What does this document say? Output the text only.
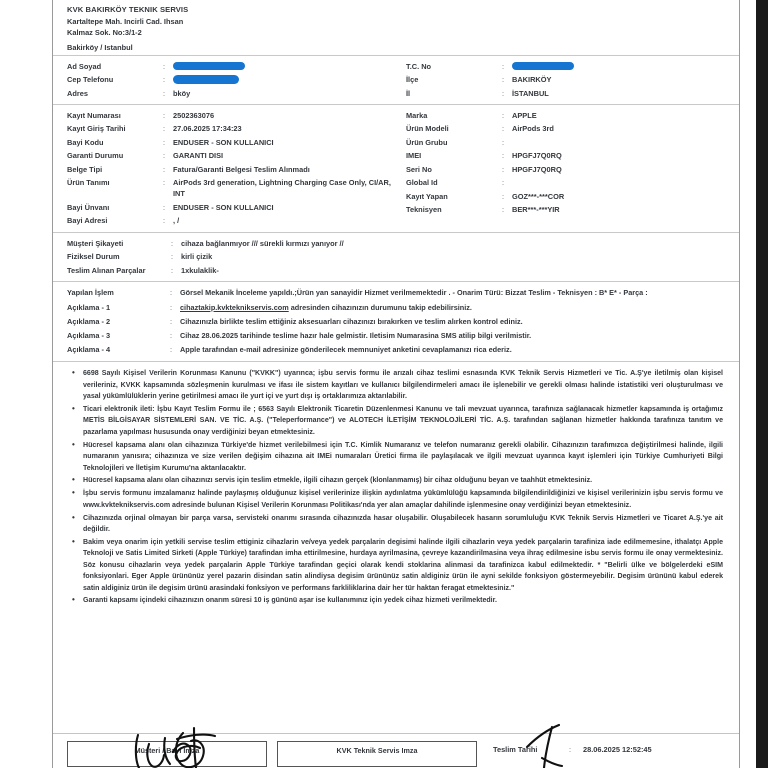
KVK BAKIRKÖY TEKNIK SERVIS
Kartaltepe Mah. Incirli Cad. Ihsan
Kalmaz Sok. No:3/1-2
Bakirköy / Istanbul
Ad Soyad	:
Cep Telefonu	:
Adres	:	bköy
T.C. No	:
İlçe	:	BAKIRKÖY
İl	:	İSTANBUL
Kayıt Numarası	:	2502363076
Kayıt Giriş Tarihi	:	27.06.2025 17:34:23
Bayi Kodu	:	ENDUSER - SON KULLANICI
Garanti Durumu	:	GARANTI DISI
Belge Tipi	:	Fatura/Garanti Belgesi Teslim Alınmadı
Ürün Tanımı	:	AirPods 3rd generation, Lightning Charging Case Only, CI/AR, INT
Bayi Ünvanı	:	ENDUSER - SON KULLANICI
Bayi Adresi	:	, /
Marka	:	APPLE
Ürün Modeli	:	AirPods 3rd
Ürün Grubu	:
IMEI	:	HPGFJ7Q0RQ
Seri No	:	HPGFJ7Q0RQ
Global Id	:
Kayıt Yapan	:	GOZ***-***COR
Teknisyen	:	BER***-***YIR
Müşteri Şikayeti	:	cihaza bağlanmıyor /// sürekli kırmızı yanıyor //
Fiziksel Durum	:	kirli çizik
Teslim Alınan Parçalar	:	1xkulaklik-
Yapılan İşlem	:	Görsel Mekanik İnceleme yapıldı.;Ürün yan sanayidir Hizmet verilmemektedir . - Onarim Türü: Bizzat Teslim - Teknisyen : B* E* - Parça :
Açıklama - 1	:	cihaztakip.kvkteknikservis.com adresinden cihazınızın durumunu takip edebilirsiniz.
Açıklama - 2	:	Cihazınızla birlikte teslim ettiğiniz aksesuarları cihazınızı bırakırken ve teslim alırken kontrol ediniz.
Açıklama - 3	:	Cihaz 28.06.2025 tarihinde teslime hazır hale gelmistir. Iletisim Numarasina SMS atilip bilgi verilmistir.
Açıklama - 4	:	Apple tarafından e-mail adresinize gönderilecek memnuniyet anketini cevaplamanızı rica ederiz.
• 6698 Sayılı Kişisel Verilerin Korunması Kanunu ("KVKK") uyarınca; işbu servis formu ile arızalı cihaz teslimi esnasında KVK Teknik Servis Hizmetleri ve Tic. A.Ş'ye iletilmiş olan kişisel verileriniz, KVKK kapsamında sözleşmenin kurulması ve ifası ile sistem kayıtları ve kullanıcı bilgilendirmeleri amacı ile işlenebilir ve gerekli olması halinde istatistiki veri oluşturulması ve yasal yükümlülüklerin yerine getirilmesi amacı ile yurt içi ve yurt dışı iş ortaklarımıza aktarılabilir.
• Ticari elektronik ileti: İşbu Kayıt Teslim Formu ile ; 6563 Sayılı Elektronik Ticaretin Düzenlenmesi Kanunu ve tali mevzuat uyarınca, tarafınıza sağlanacak hizmetler kapsamında iş ortağımız METİS BİLGİSAYAR SİSTEMLERİ SAN. VE TİC. A.Ş. ("Teleperformance") ve ALOTECH İLETİŞİM TEKNOLOJİLERİ TİC. A.Ş. tarafından sağlanan hizmetler hakkında tarafınıza tanıtım ve pazarlama yapılması hususunda onay verdiğinizi beyan etmektesiniz.
• Hücresel kapsama alanı olan cihazınıza Türkiye'de hizmet verilebilmesi için T.C. Kimlik Numaranız ve telefon numaranız gerekli olabilir. Cihazınızın tarafımızca değiştirilmesi halinde, ilgili numaranın yanısıra; cihazınıza ve size verilen değişim cihazına ait IMEi numaraları Üretici firma ile paylaşılacak ve ilgili mevzuat uyarınca kayıt işlemleri için Türkiye Cumhuriyeti Bilgi Teknolojileri ve İletişim Kurumu'na aktarılacaktır.
• Hücresel kapsama alanı olan cihazınızı servis için teslim etmekle, ilgili cihazın gerçek (klonlanmamış) bir cihaz olduğunu beyan ve taahhüt etmektesiniz.
• İşbu servis formunu imzalamanız halinde paylaşmış olduğunuz kişisel verilerinize ilişkin aydınlatma yükümlülüğü kapsamında bilgilendirildiğinizi ve kişisel verilerinizin işbu servis formu ve www.kvkteknikservis.com adresinde bulunan Kişisel Verilerin Korunması Politikası'nda yer alan amaçlar dahilinde işlenmesine onay verdiğinizi beyan etmektesiniz.
• Cihazınızda orjinal olmayan bir parça varsa, servisteki onarımı sırasında cihazınızda hasar oluşabilir. Oluşabilecek hasarın sorumluluğu KVK Teknik Servis Hizmetleri ve Ticaret A.Ş.'ye ait değildir.
• Bakim veya onarim için yetkili servise teslim ettiginiz cihazlarin ve/veya yedek parçalarin degisimi halinde ilgili cihazlarin veya yedek parçalarin tarafiniza iade edilmemesine, ithalatçı Apple Teknoloji ve Satis Limited Sirketi (Apple Türkiye) tarafindan imha ettirilmesine, hurdaya ayrilmasina, çevreye kazandirilmasina veya ihraç edilmesine isbu servis formu ile onay vermektesiniz. Söz konusu cihazlarin veya yedek parçalarin Apple Türkiye tarafindan geçici olarak kendi stoklarina alinmasi da tarafinizca kabul edilmektedir. * "Belirli ülke ve bölgelerdeki eSIM fonksiyonlari. Eger Apple ürününüz yerel pazarin disindan satin alindiysa degisim ürününüz satin aldiginiz ürün ile ayni sekilde fonksiyon göstermeyebilir. Degisim ürününü kabul ederek satin aldiginiz ürün ile degisim ürünü arasindaki fonksiyon ve performans farkliliklarina dair her tür haktan feragat etmektesiniz."
• Garanti kapsamı içindeki cihazınızın onarım süresi 10 iş gününü aşar ise kullanımınız için yedek cihaz hizmeti verilmektedir.
Müşteri / Bayi Imza	KVK Teknik Servis Imza	Teslim Tarihi	:	28.06.2025 12:52:45
